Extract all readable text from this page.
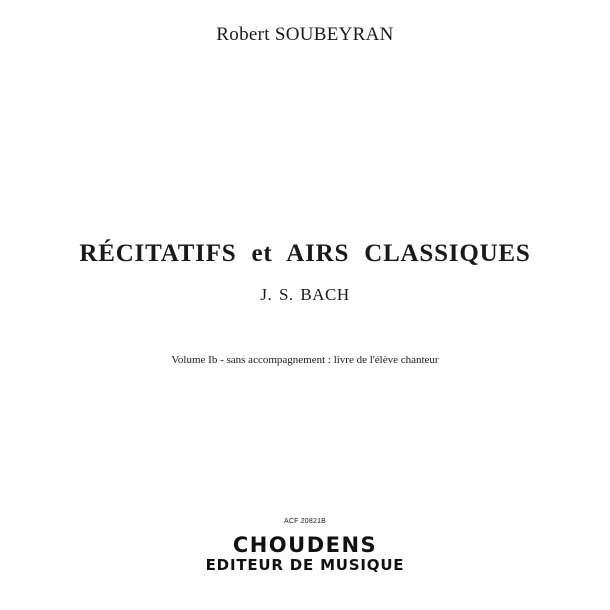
Robert SOUBEYRAN
RÉCITATIFS et AIRS CLASSIQUES
J. S. BACH
Volume Ib - sans accompagnement : livre de l'élève chanteur
ACF 20821B
CHOUDENS
EDITEUR DE MUSIQUE
